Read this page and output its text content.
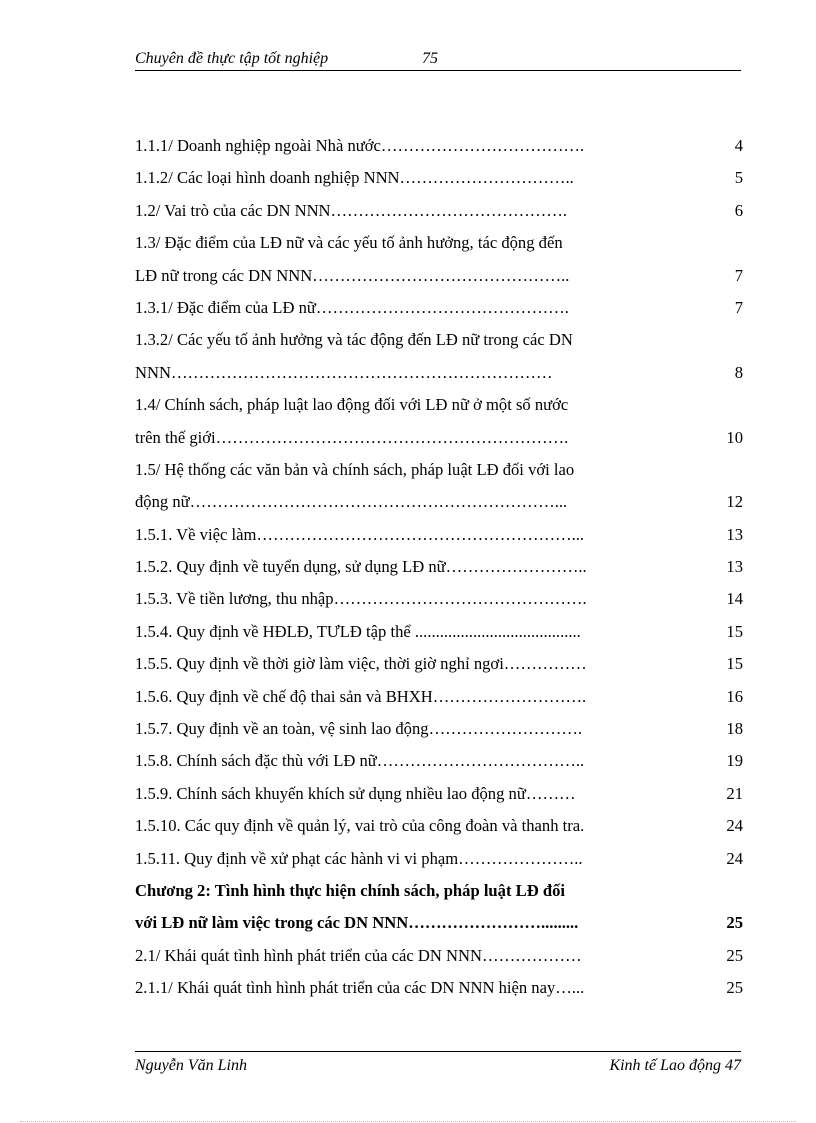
Chuyên đề thực tập tốt nghiệp	75
1.1.1/ Doanh nghiệp ngoài Nhà nước……………………………….	4
1.1.2/ Các loại hình doanh nghiệp NNN…………………………..	5
1.2/ Vai trò của các DN NNN…………………………………….	6
1.3/ Đặc điểm của LĐ nữ và các yếu tố ảnh hưởng, tác động đến
LĐ nữ trong các DN NNN………………………………………..	7
1.3.1/ Đặc điểm của LĐ nữ……………………………………….	7
1.3.2/ Các yếu tố ảnh hưởng và tác động đến LĐ nữ trong các DN
NNN……………………………………………………………	8
1.4/ Chính sách, pháp luật lao động đối với LĐ nữ ở một số nước
trên thế giới……………………………………………………….	10
1.5/ Hệ thống các văn bản và chính sách, pháp luật LĐ đối với lao
động nữ…………………………………………………………...	12
1.5.1. Về việc làm…………………………………………………...	13
1.5.2. Quy định về tuyển dụng, sử dụng LĐ nữ……………………..	13
1.5.3. Về tiền lương, thu nhập……………………………………….	14
1.5.4. Quy định về HĐLĐ, TƯLĐ tập thể ........................................	15
1.5.5. Quy định về thời giờ làm việc, thời giờ nghỉ ngơi……………	15
1.5.6. Quy định về chế độ thai sản và BHXH……………………….	16
1.5.7. Quy định về an toàn, vệ sinh lao động……………………….	18
1.5.8. Chính sách đặc thù với LĐ nữ………………………………..	19
1.5.9. Chính sách khuyến khích sử dụng nhiều lao động nữ………	21
1.5.10. Các quy định về quản lý, vai trò của công đoàn và thanh tra.	24
1.5.11. Quy định về xử phạt các hành vi vi phạm…………………..	24
Chương 2: Tình hình thực hiện chính sách, pháp luật LĐ đối
với LĐ nữ làm việc trong các DN NNN…………………….........	25
2.1/ Khái quát tình hình phát triển của các DN NNN………………	25
2.1.1/ Khái quát tình hình phát triển của các DN NNN hiện nay…...	25
Nguyễn Văn Linh	Kinh tế Lao động 47
